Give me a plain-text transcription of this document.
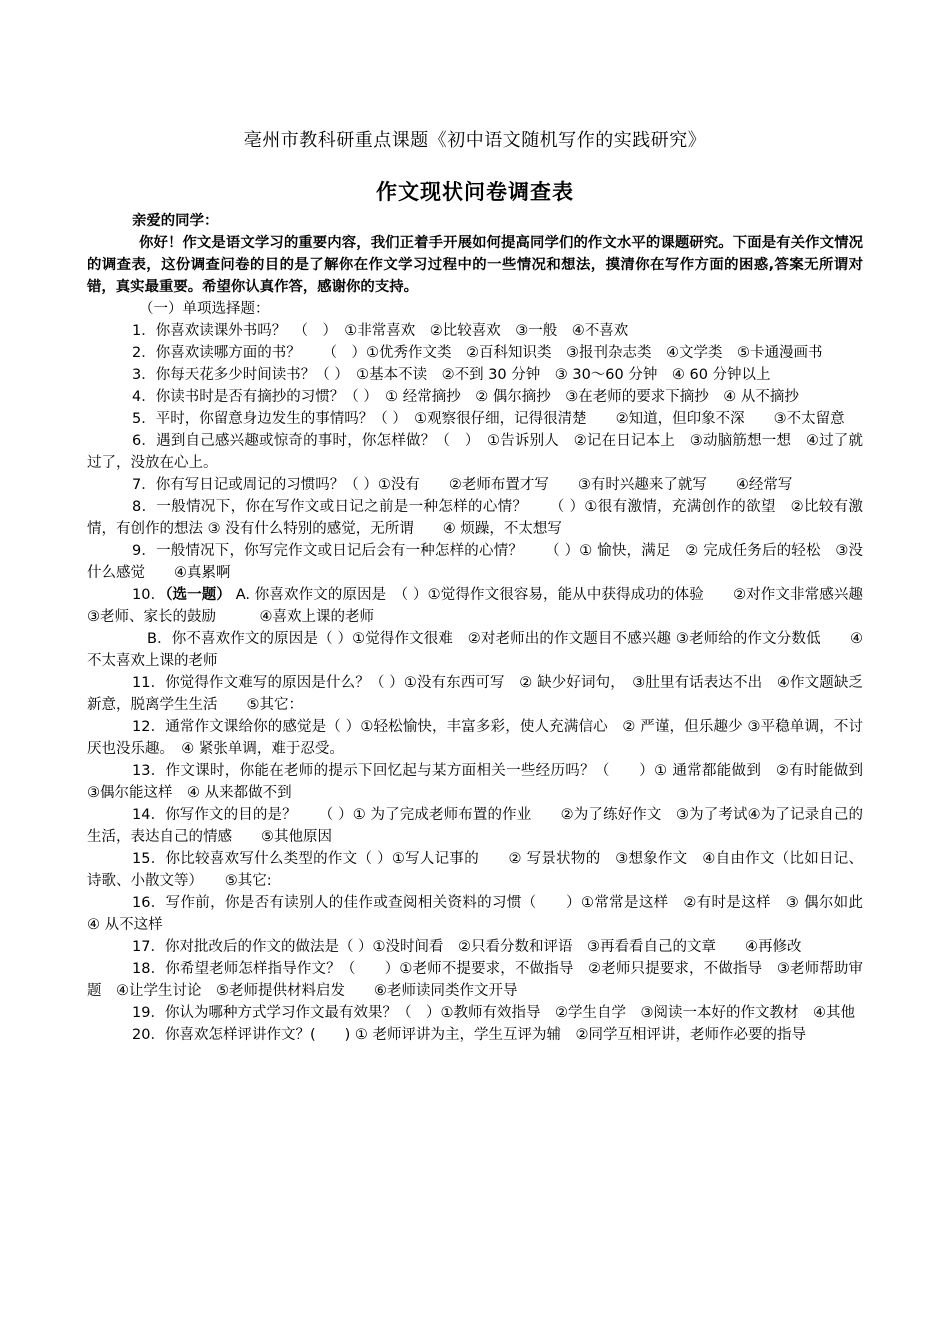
亳州市教科研重点课题《初中语文随机写作的实践研究》

作文现状问卷调查表

亲爱的同学：

你好！作文是语文学习的重要内容，我们正着手开展如何提高同学们的作文水平的课题研究。下面是有关作文情况的调查表，这份调查问卷的目的是了解你在作文学习过程中的一些情况和想法，摸清你在写作方面的困惑,答案无所谓对错，真实最重要。希望你认真作答，感谢你的支持。

（一）单项选择题：

1．你喜欢读课外书吗？　（　）　①非常喜欢　②比较喜欢　③一般　④不喜欢

2．你喜欢读哪方面的书？　　（　）①优秀作文类　②百科知识类　③报刊杂志类　④文学类　⑤卡通漫画书

3．你每天花多少时间读书？（ ）　①基本不读　②不到 30 分钟　③ 30～60 分钟　④ 60 分钟以上

4．你读书时是否有摘抄的习惯？（ ）　① 经常摘抄　② 偶尔摘抄　③在老师的要求下摘抄　④ 从不摘抄

5．平时，你留意身边发生的事情吗？（ ）　①观察很仔细，记得很清楚　　②知道，但印象不深　　③不太留意

6．遇到自己感兴趣或惊奇的事时，你怎样做？（　）　①告诉别人　②记在日记本上　③动脑筋想一想　④过了就过了，没放在心上。

7．你有写日记或周记的习惯吗？（ ）①没有　　②老师布置才写　　③有时兴趣来了就写　　④经常写

8．一般情况下，你在写作文或日记之前是一种怎样的心情？　　（ ）①很有激情，充满创作的欲望　②比较有激情，有创作的想法 ③ 没有什么特别的感觉，无所谓　　④ 烦躁，不太想写

9．一般情况下，你写完作文或日记后会有一种怎样的心情？　　（ ）① 愉快，满足　② 完成任务后的轻松　③没什么感觉　　④真累啊

10．（选一题） A. 你喜欢作文的原因是　（ ）①觉得作文很容易，能从中获得成功的体验　　②对作文非常感兴趣　③老师、家长的鼓励　　　④喜欢上课的老师

B．你不喜欢作文的原因是（ ）①觉得作文很难　②对老师出的作文题目不感兴趣 ③老师给的作文分数低　　④不太喜欢上课的老师

11．你觉得作文难写的原因是什么？（ ）①没有东西可写　② 缺少好词句，　③肚里有话表达不出　④作文题缺乏新意，脱离学生生活　　⑤其它：

12．通常作文课给你的感觉是（ ）①轻松愉快，丰富多彩，使人充满信心　② 严谨，但乐趣少 ③平稳单调，不讨厌也没乐趣。　④ 紧张单调，难于忍受。

13．作文课时，你能在老师的提示下回忆起与某方面相关一些经历吗？（　　）① 通常都能做到　②有时能做到　③偶尔能这样　④ 从来都做不到

14．你写作文的目的是？　　（ ）① 为了完成老师布置的作业　　②为了练好作文　③为了考试④为了记录自己的生活，表达自己的情感　　⑤其他原因

15．你比较喜欢写什么类型的作文（ ）①写人记事的　　② 写景状物的　③想象作文　④自由作文（比如日记、诗歌、小散文等）　　⑤其它:

16．写作前，你是否有读别人的佳作或查阅相关资料的习惯（　　）①常常是这样　②有时是这样　③ 偶尔如此　④ 从不这样

17．你对批改后的作文的做法是（ ）①没时间看　②只看分数和评语　③再看看自己的文章　　④再修改

18．你希望老师怎样指导作文？（　　）①老师不提要求，不做指导　②老师只提要求，不做指导　③老师帮助审题　④让学生讨论　⑤老师提供材料启发　　⑥老师读同类作文开导

19．你认为哪种方式学习作文最有效果？（　）①教师有效指导　②学生自学　③阅读一本好的作文教材　④其他

20．你喜欢怎样评讲作文？(　　) ① 老师评讲为主，学生互评为辅　②同学互相评讲，老师作必要的指导
